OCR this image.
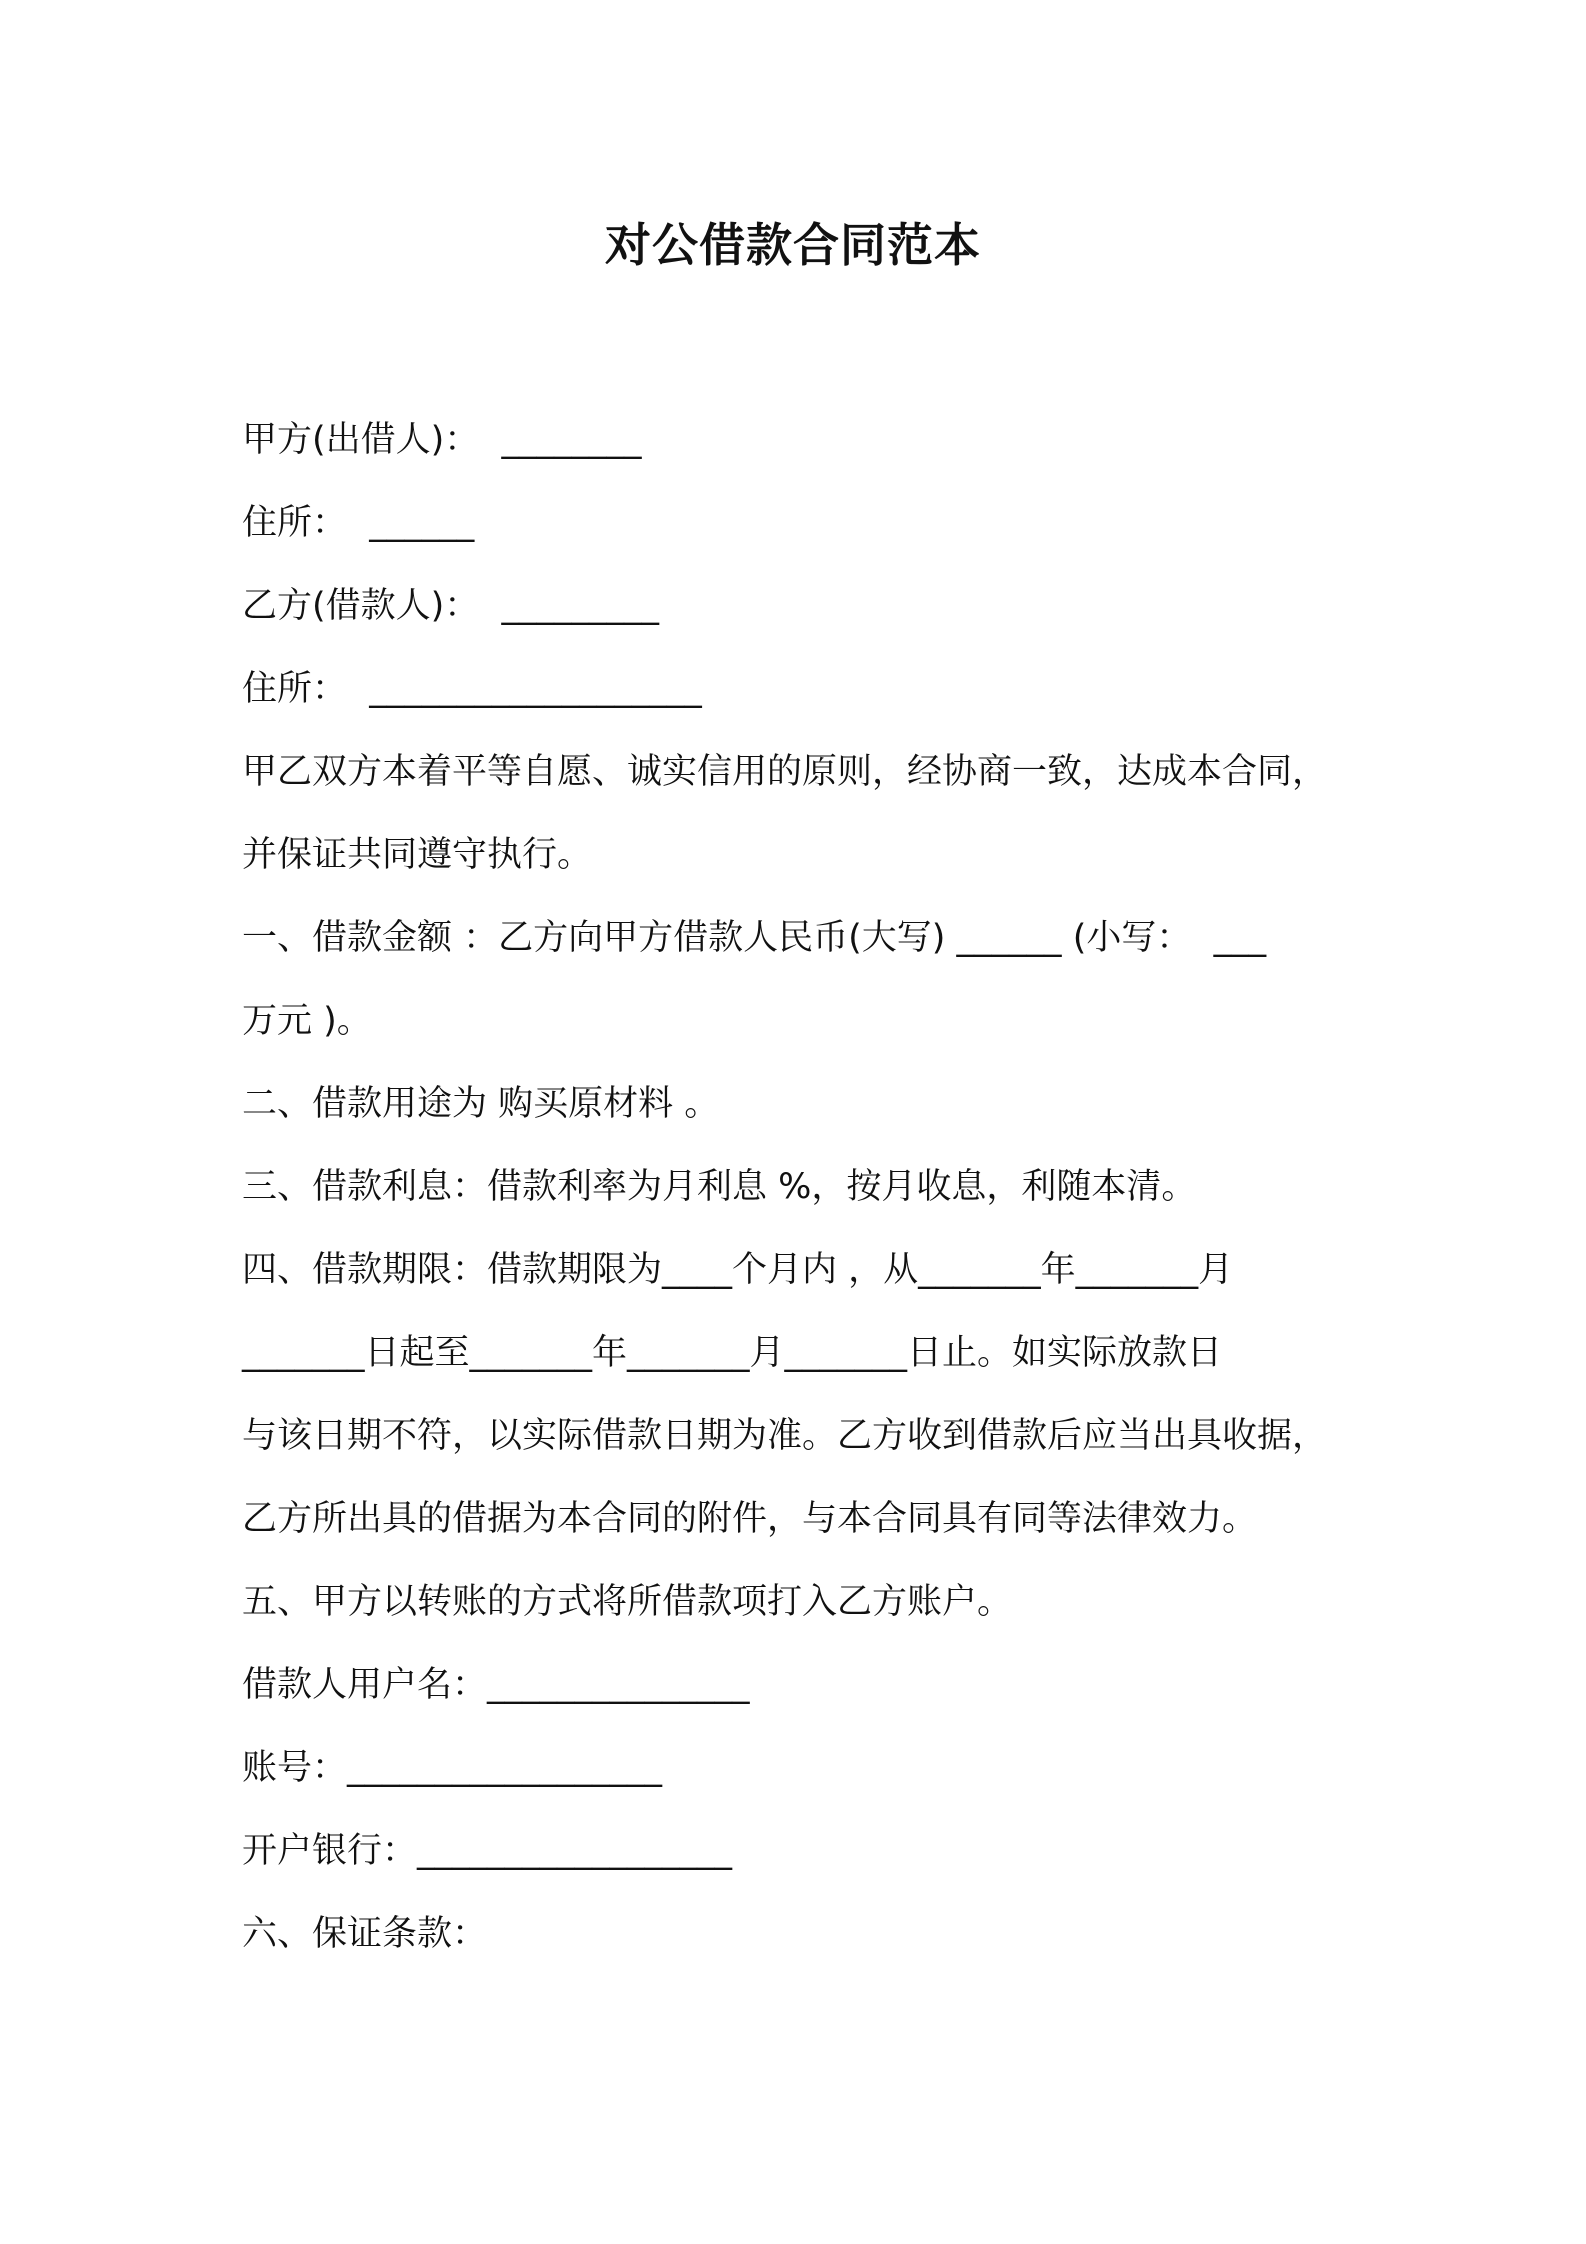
对公借款合同范本
甲方(出借人)：  ________
住所：  ______
乙方(借款人)：  _________
住所：  ___________________
甲乙双方本着平等自愿、诚实信用的原则，经协商一致，达成本合同，
并保证共同遵守执行。
一、借款金额 ：乙方向甲方借款人民币(大写) ______ (小写：  ___
万元 )。
二、借款用途为 购买原材料 。
三、借款利息：借款利率为月利息 %，按月收息，利随本清。
四、借款期限：借款期限为____个月内 ，从_______年_______月
_______日起至_______年_______月_______日止。如实际放款日
与该日期不符，以实际借款日期为准。乙方收到借款后应当出具收据，
乙方所出具的借据为本合同的附件，与本合同具有同等法律效力。
五、甲方以转账的方式将所借款项打入乙方账户。
借款人用户名：_______________
账号：__________________
开户银行：__________________
六、保证条款：
